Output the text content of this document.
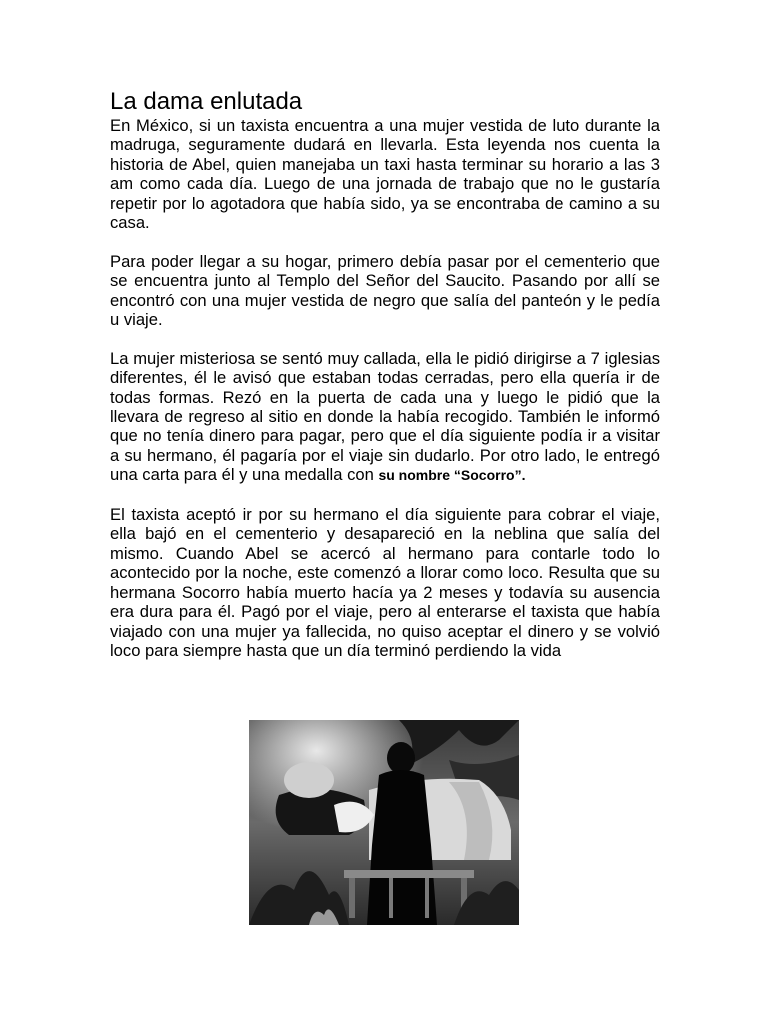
La dama enlutada

En México, si un taxista encuentra a una mujer vestida de luto durante la madruga, seguramente dudará en llevarla. Esta leyenda nos cuenta la historia de Abel, quien manejaba un taxi hasta terminar su horario a las 3 am como cada día. Luego de una jornada de trabajo que no le gustaría repetir por lo agotadora que había sido, ya se encontraba de camino a su casa.

Para poder llegar a su hogar, primero debía pasar por el cementerio que se encuentra junto al Templo del Señor del Saucito. Pasando por allí se encontró con una mujer vestida de negro que salía del panteón y le pedía u viaje.

La mujer misteriosa se sentó muy callada, ella le pidió dirigirse a 7 iglesias diferentes, él le avisó que estaban todas cerradas, pero ella quería ir de todas formas. Rezó en la puerta de cada una y luego le pidió que la llevara de regreso al sitio en donde la había recogido. También le informó que no tenía dinero para pagar, pero que el día siguiente podía ir a visitar a su hermano, él pagaría por el viaje sin dudarlo. Por otro lado, le entregó una carta para él y una medalla con su nombre “Socorro”.

El taxista aceptó ir por su hermano el día siguiente para cobrar el viaje, ella bajó en el cementerio y desapareció en la neblina que salía del mismo. Cuando Abel se acercó al hermano para contarle todo lo acontecido por la noche, este comenzó a llorar como loco. Resulta que su hermana Socorro había muerto hacía ya 2 meses y todavía su ausencia era dura para él. Pagó por el viaje, pero al enterarse el taxista que había viajado con una mujer ya fallecida, no quiso aceptar el dinero y se volvió loco para siempre hasta que un día terminó perdiendo la vida
